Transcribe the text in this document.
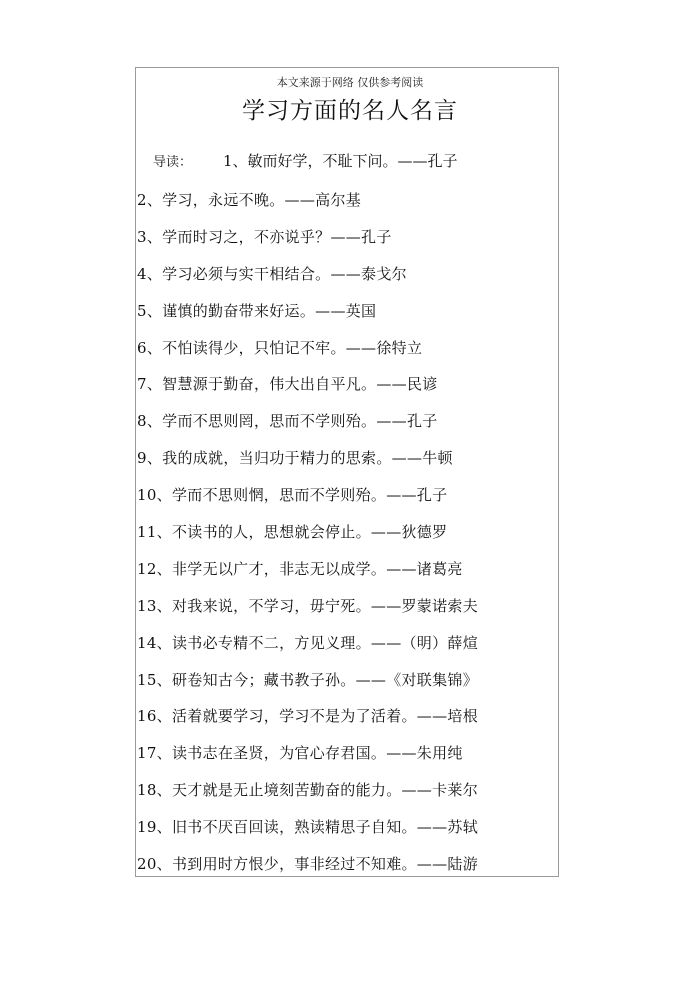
本文来源于网络 仅供参考阅读
学习方面的名人名言
导读： 1、敏而好学，不耻下问。——孔子
2、学习，永远不晚。——高尔基
3、学而时习之，不亦说乎？——孔子
4、学习必须与实干相结合。——泰戈尔
5、谨慎的勤奋带来好运。——英国
6、不怕读得少，只怕记不牢。——徐特立
7、智慧源于勤奋，伟大出自平凡。——民谚
8、学而不思则罔，思而不学则殆。——孔子
9、我的成就，当归功于精力的思索。——牛顿
10、学而不思则惘，思而不学则殆。——孔子
11、不读书的人，思想就会停止。——狄德罗
12、非学无以广才，非志无以成学。——诸葛亮
13、对我来说，不学习，毋宁死。——罗蒙诺索夫
14、读书必专精不二，方见义理。——（明）薛煊
15、研卷知古今；藏书教子孙。——《对联集锦》
16、活着就要学习，学习不是为了活着。——培根
17、读书志在圣贤，为官心存君国。——朱用纯
18、天才就是无止境刻苦勤奋的能力。——卡莱尔
19、旧书不厌百回读，熟读精思子自知。——苏轼
20、书到用时方恨少，事非经过不知难。——陆游
